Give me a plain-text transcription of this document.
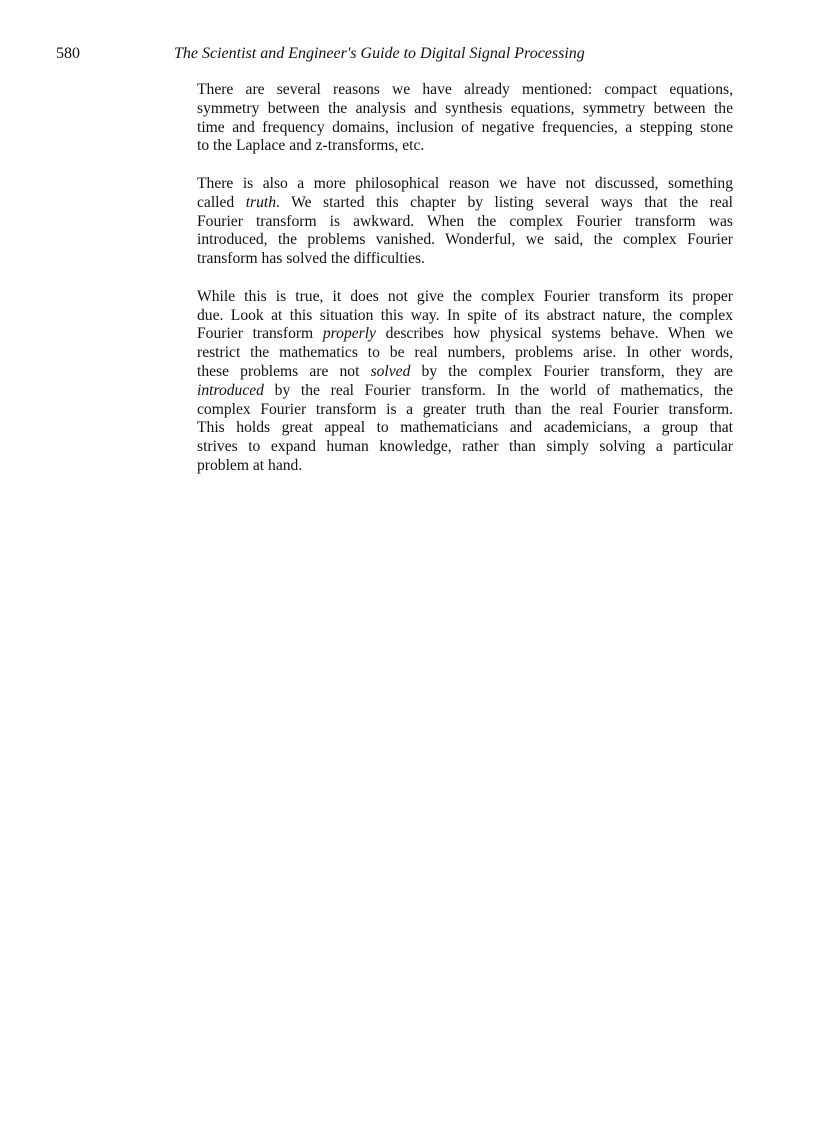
580	The Scientist and Engineer's Guide to Digital Signal Processing

There are several reasons we have already mentioned: compact equations,
symmetry between the analysis and synthesis equations, symmetry between the
time and frequency domains, inclusion of negative frequencies, a stepping stone
to the Laplace and z-transforms, etc.

There is also a more philosophical reason we have not discussed, something
called truth. We started this chapter by listing several ways that the real
Fourier transform is awkward. When the complex Fourier transform was
introduced, the problems vanished. Wonderful, we said, the complex Fourier
transform has solved the difficulties.

While this is true, it does not give the complex Fourier transform its proper
due. Look at this situation this way. In spite of its abstract nature, the complex
Fourier transform properly describes how physical systems behave. When we
restrict the mathematics to be real numbers, problems arise. In other words,
these problems are not solved by the complex Fourier transform, they are
introduced by the real Fourier transform. In the world of mathematics, the
complex Fourier transform is a greater truth than the real Fourier transform.
This holds great appeal to mathematicians and academicians, a group that
strives to expand human knowledge, rather than simply solving a particular
problem at hand.
